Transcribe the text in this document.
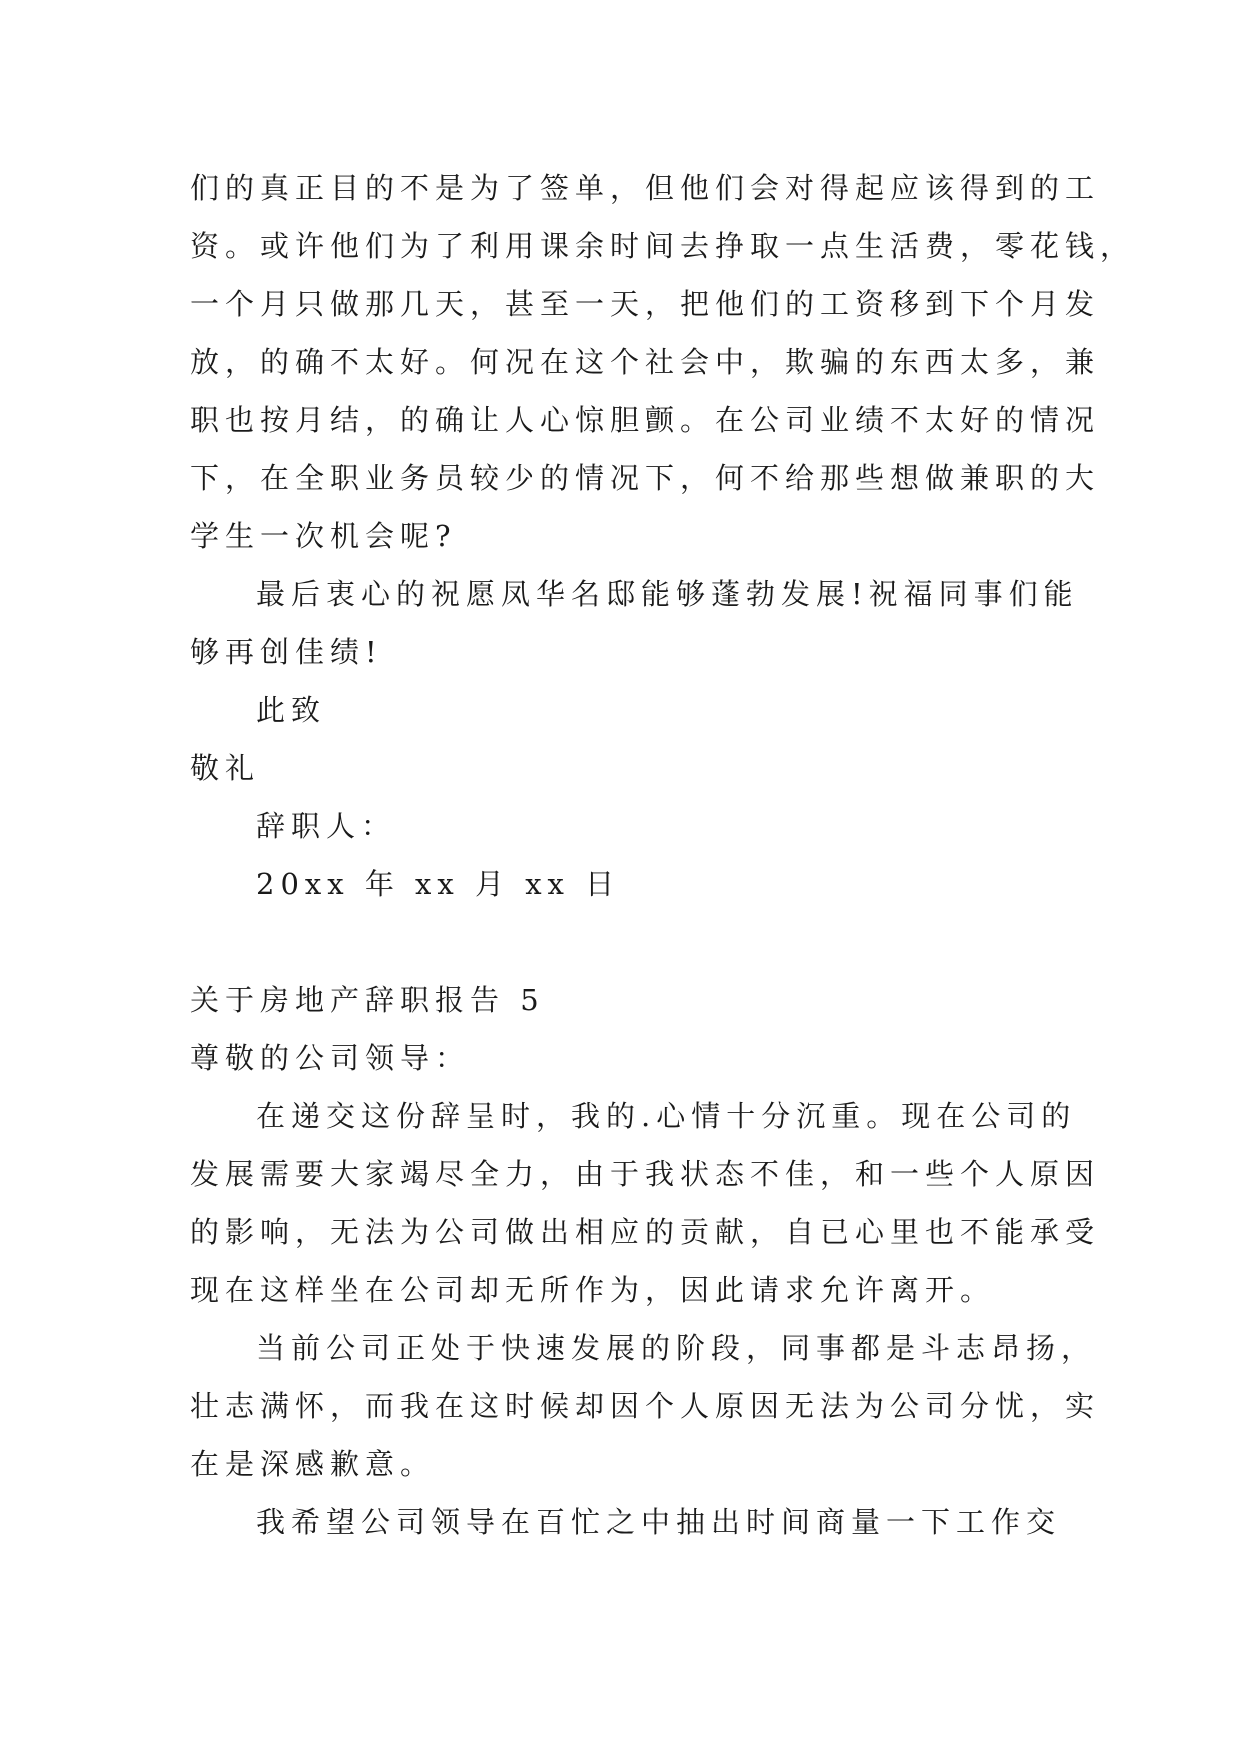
们的真正目的不是为了签单，但他们会对得起应该得到的工
资。或许他们为了利用课余时间去挣取一点生活费，零花钱，
一个月只做那几天，甚至一天，把他们的工资移到下个月发
放，的确不太好。何况在这个社会中，欺骗的东西太多，兼
职也按月结，的确让人心惊胆颤。在公司业绩不太好的情况
下，在全职业务员较少的情况下，何不给那些想做兼职的大
学生一次机会呢?
最后衷心的祝愿凤华名邸能够蓬勃发展!祝福同事们能
够再创佳绩!
此致
敬礼
辞职人：
20xx 年 xx 月 xx 日
关于房地产辞职报告 5
尊敬的公司领导：
在递交这份辞呈时，我的.心情十分沉重。现在公司的
发展需要大家竭尽全力，由于我状态不佳，和一些个人原因
的影响，无法为公司做出相应的贡献，自已心里也不能承受
现在这样坐在公司却无所作为，因此请求允许离开。
当前公司正处于快速发展的阶段，同事都是斗志昂扬，
壮志满怀，而我在这时候却因个人原因无法为公司分忧，实
在是深感歉意。
我希望公司领导在百忙之中抽出时间商量一下工作交
